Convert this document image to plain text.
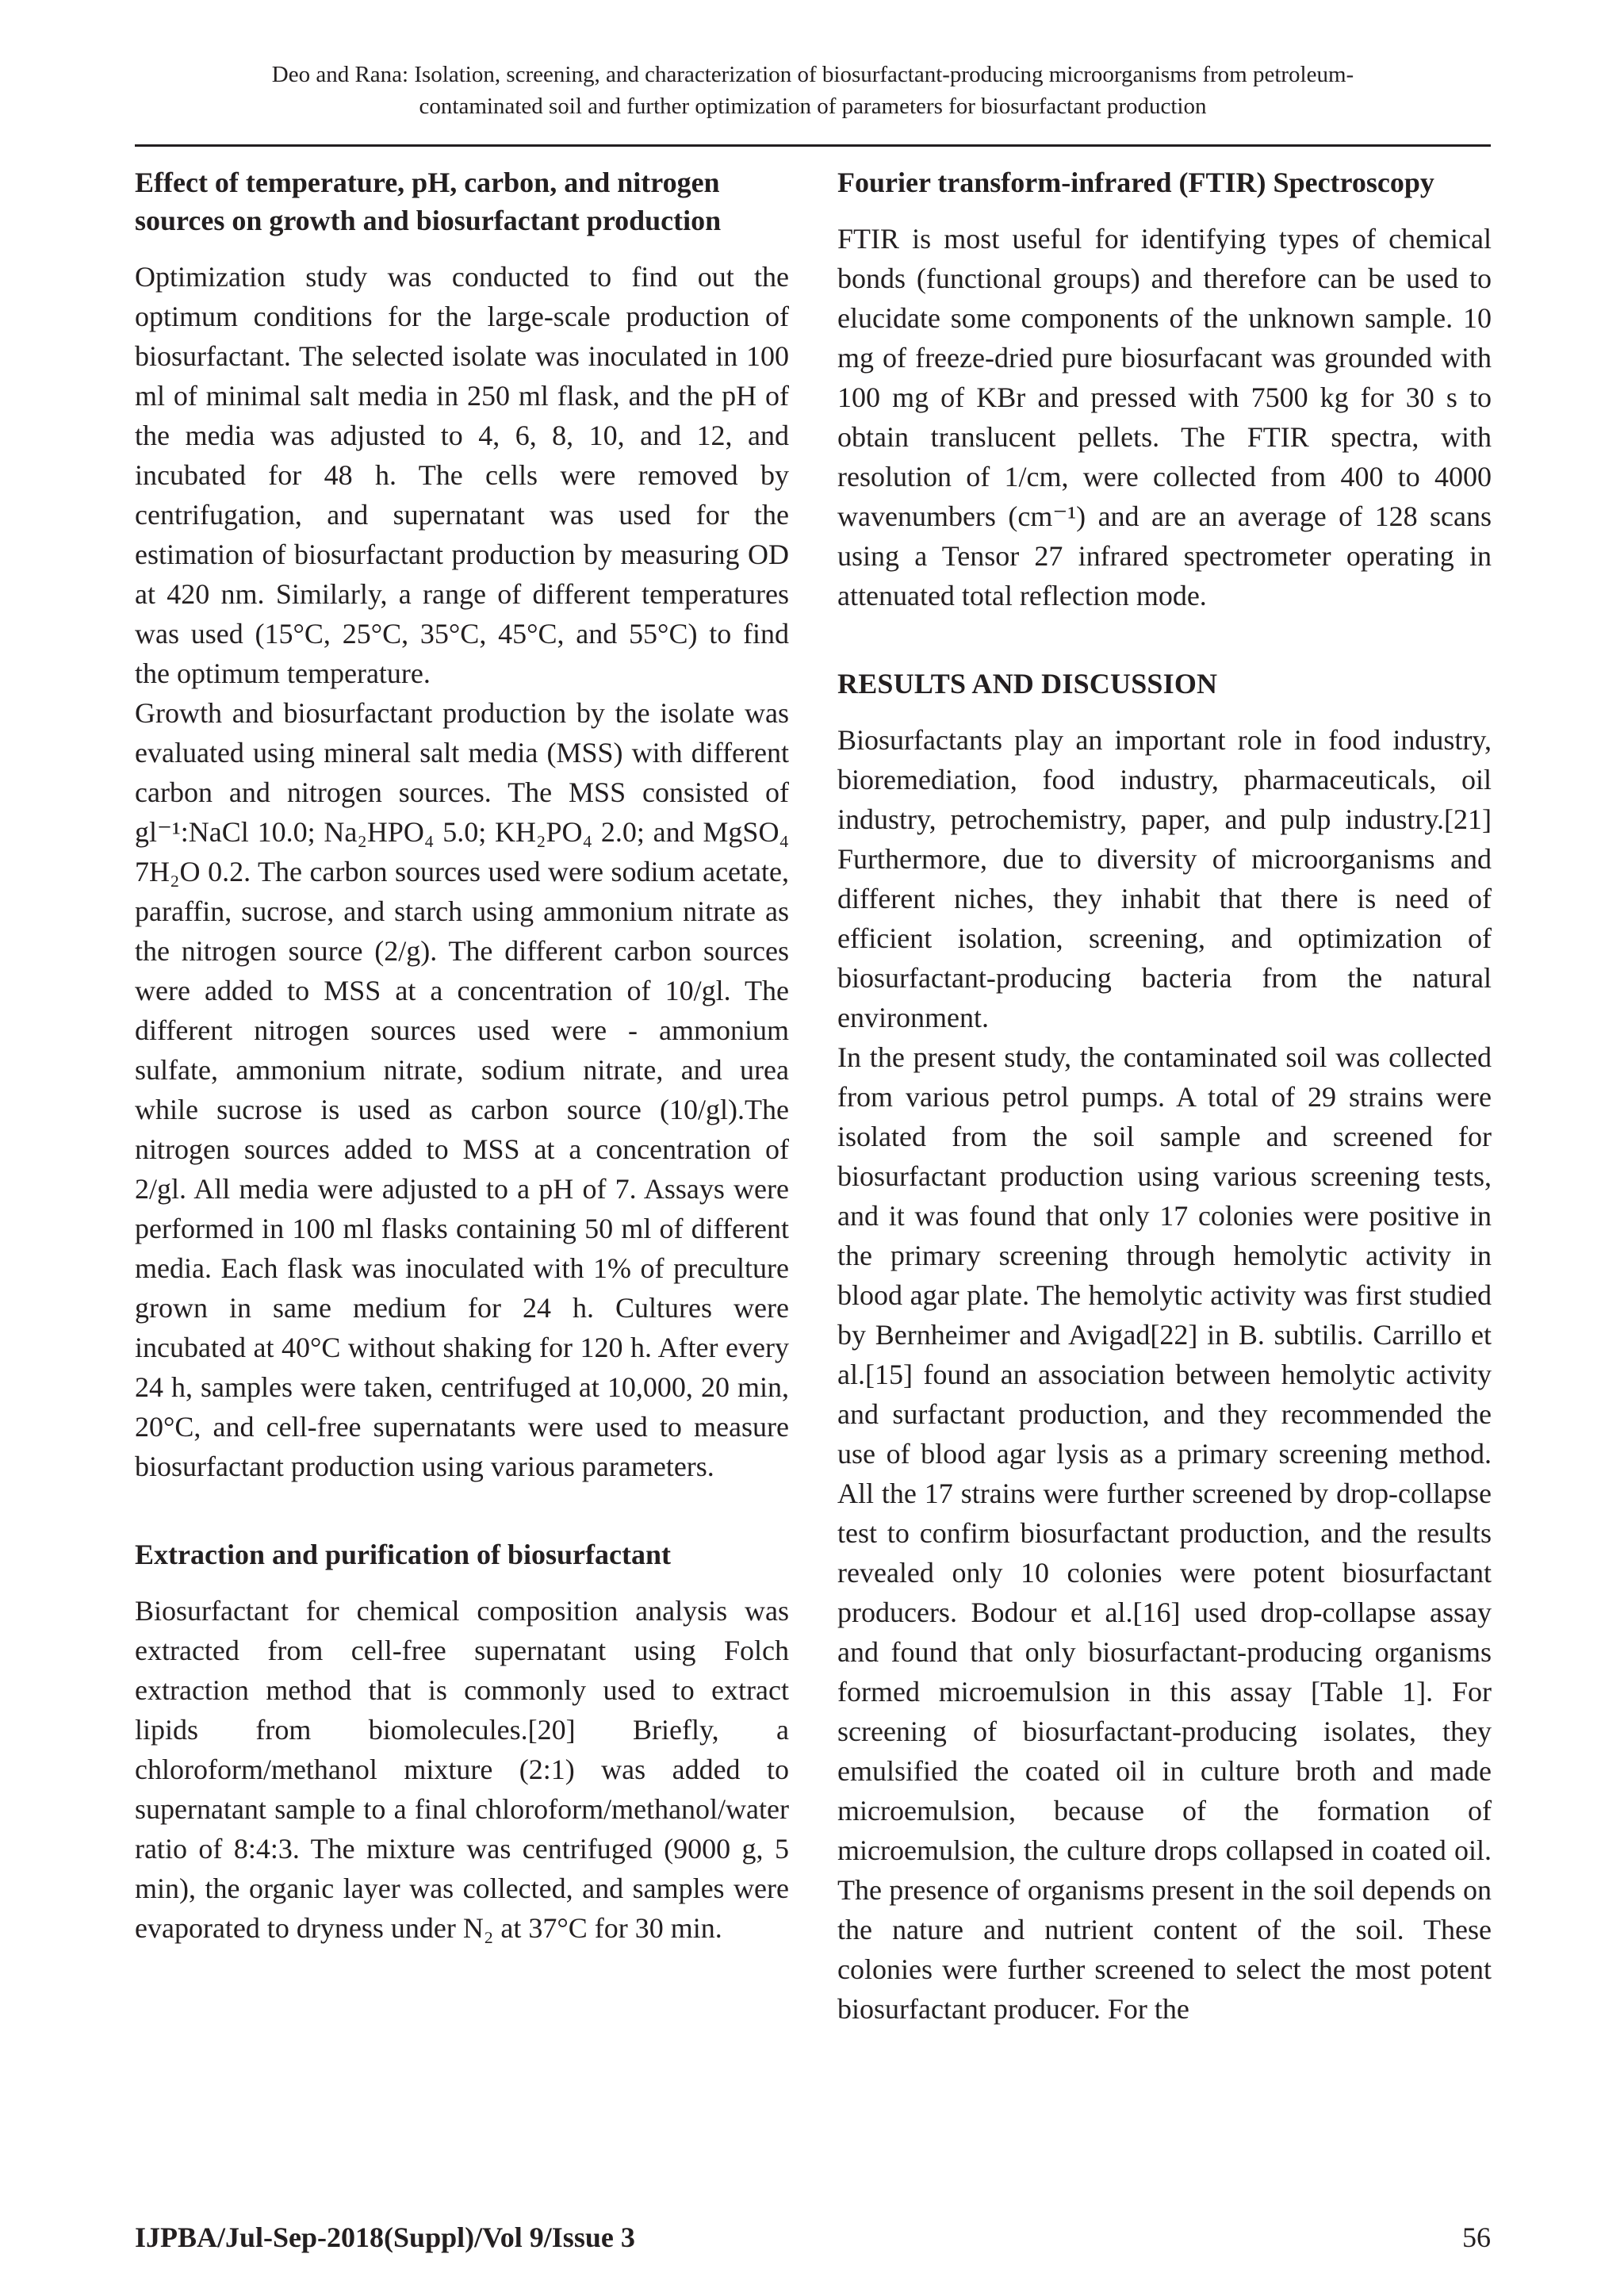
Deo and Rana: Isolation, screening, and characterization of biosurfactant-producing microorganisms from petroleum-
contaminated soil and further optimization of parameters for biosurfactant production
Effect of temperature, pH, carbon, and nitrogen sources on growth and biosurfactant production

Optimization study was conducted to find out the optimum conditions for the large-scale production of biosurfactant. The selected isolate was inoculated in 100 ml of minimal salt media in 250 ml flask, and the pH of the media was adjusted to 4, 6, 8, 10, and 12, and incubated for 48 h. The cells were removed by centrifugation, and supernatant was used for the estimation of biosurfactant production by measuring OD at 420 nm. Similarly, a range of different temperatures was used (15°C, 25°C, 35°C, 45°C, and 55°C) to find the optimum temperature.

Growth and biosurfactant production by the isolate was evaluated using mineral salt media (MSS) with different carbon and nitrogen sources. The MSS consisted of gl⁻¹:NaCl 10.0; Na₂HPO₄ 5.0; KH₂PO₄ 2.0; and MgSO₄ 7H₂O 0.2. The carbon sources used were sodium acetate, paraffin, sucrose, and starch using ammonium nitrate as the nitrogen source (2/g). The different carbon sources were added to MSS at a concentration of 10/gl. The different nitrogen sources used were - ammonium sulfate, ammonium nitrate, sodium nitrate, and urea while sucrose is used as carbon source (10/gl).The nitrogen sources added to MSS at a concentration of 2/gl. All media were adjusted to a pH of 7. Assays were performed in 100 ml flasks containing 50 ml of different media. Each flask was inoculated with 1% of preculture grown in same medium for 24 h. Cultures were incubated at 40°C without shaking for 120 h. After every 24 h, samples were taken, centrifuged at 10,000, 20 min, 20°C, and cell-free supernatants were used to measure biosurfactant production using various parameters.

Extraction and purification of biosurfactant

Biosurfactant for chemical composition analysis was extracted from cell-free supernatant using Folch extraction method that is commonly used to extract lipids from biomolecules.[20] Briefly, a chloroform/methanol mixture (2:1) was added to supernatant sample to a final chloroform/methanol/water ratio of 8:4:3. The mixture was centrifuged (9000 g, 5 min), the organic layer was collected, and samples were evaporated to dryness under N₂ at 37°C for 30 min.

Fourier transform-infrared (FTIR) Spectroscopy

FTIR is most useful for identifying types of chemical bonds (functional groups) and therefore can be used to elucidate some components of the unknown sample. 10 mg of freeze-dried pure biosurfacant was grounded with 100 mg of KBr and pressed with 7500 kg for 30 s to obtain translucent pellets. The FTIR spectra, with resolution of 1/cm, were collected from 400 to 4000 wavenumbers (cm⁻¹) and are an average of 128 scans using a Tensor 27 infrared spectrometer operating in attenuated total reflection mode.

RESULTS AND DISCUSSION

Biosurfactants play an important role in food industry, bioremediation, food industry, pharmaceuticals, oil industry, petrochemistry, paper, and pulp industry.[21] Furthermore, due to diversity of microorganisms and different niches, they inhabit that there is need of efficient isolation, screening, and optimization of biosurfactant-producing bacteria from the natural environment.

In the present study, the contaminated soil was collected from various petrol pumps. A total of 29 strains were isolated from the soil sample and screened for biosurfactant production using various screening tests, and it was found that only 17 colonies were positive in the primary screening through hemolytic activity in blood agar plate. The hemolytic activity was first studied by Bernheimer and Avigad[22] in B. subtilis. Carrillo et al.[15] found an association between hemolytic activity and surfactant production, and they recommended the use of blood agar lysis as a primary screening method. All the 17 strains were further screened by drop-collapse test to confirm biosurfactant production, and the results revealed only 10 colonies were potent biosurfactant producers. Bodour et al.[16] used drop-collapse assay and found that only biosurfactant-producing organisms formed microemulsion in this assay [Table 1]. For screening of biosurfactant-producing isolates, they emulsified the coated oil in culture broth and made microemulsion, because of the formation of microemulsion, the culture drops collapsed in coated oil. The presence of organisms present in the soil depends on the nature and nutrient content of the soil. These colonies were further screened to select the most potent biosurfactant producer. For the

IJPBA/Jul-Sep-2018(Suppl)/Vol 9/Issue 3	56
